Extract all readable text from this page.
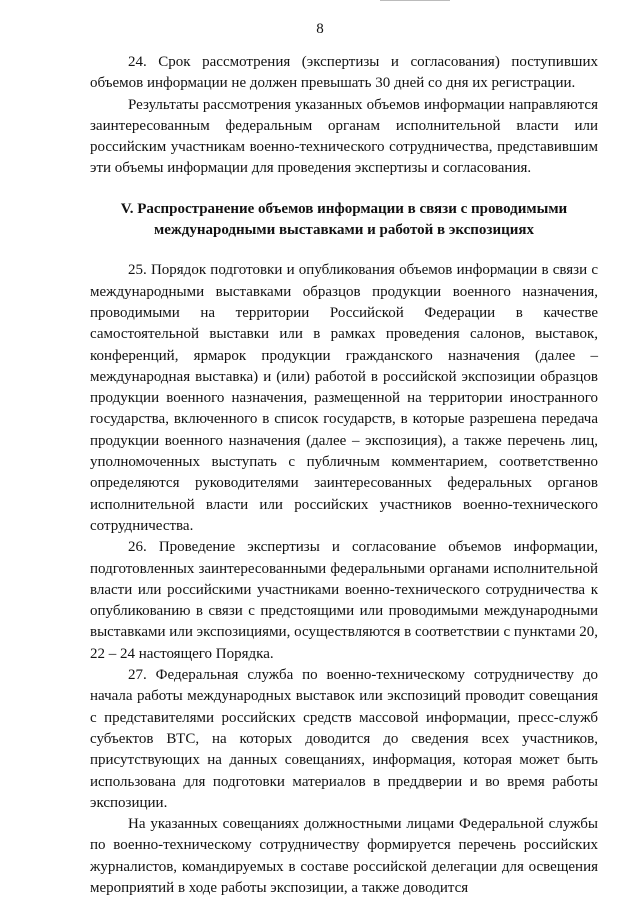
8

24. Срок рассмотрения (экспертизы и согласования) поступивших объемов информации не должен превышать 30 дней со дня их регистрации.

Результаты рассмотрения указанных объемов информации направляются заинтересованным федеральным органам исполнительной власти или российским участникам военно-технического сотрудничества, представившим эти объемы информации для проведения экспертизы и согласования.

V. Распространение объемов информации в связи с проводимыми международными выставками и работой в экспозициях

25. Порядок подготовки и опубликования объемов информации в связи с международными выставками образцов продукции военного назначения, проводимыми на территории Российской Федерации в качестве самостоятельной выставки или в рамках проведения салонов, выставок, конференций, ярмарок продукции гражданского назначения (далее – международная выставка) и (или) работой в российской экспозиции образцов продукции военного назначения, размещенной на территории иностранного государства, включенного в список государств, в которые разрешена передача продукции военного назначения (далее – экспозиция), а также перечень лиц, уполномоченных выступать с публичным комментарием, соответственно определяются руководителями заинтересованных федеральных органов исполнительной власти или российских участников военно-технического сотрудничества.

26. Проведение экспертизы и согласование объемов информации, подготовленных заинтересованными федеральными органами исполнительной власти или российскими участниками военно-технического сотрудничества к опубликованию в связи с предстоящими или проводимыми международными выставками или экспозициями, осуществляются в соответствии с пунктами 20, 22 – 24 настоящего Порядка.

27. Федеральная служба по военно-техническому сотрудничеству до начала работы международных выставок или экспозиций проводит совещания с представителями российских средств массовой информации, пресс-служб субъектов ВТС, на которых доводится до сведения всех участников, присутствующих на данных совещаниях, информация, которая может быть использована для подготовки материалов в преддверии и во время работы экспозиции.

На указанных совещаниях должностными лицами Федеральной службы по военно-техническому сотрудничеству формируется перечень российских журналистов, командируемых в составе российской делегации для освещения мероприятий в ходе работы экспозиции, а также доводится
